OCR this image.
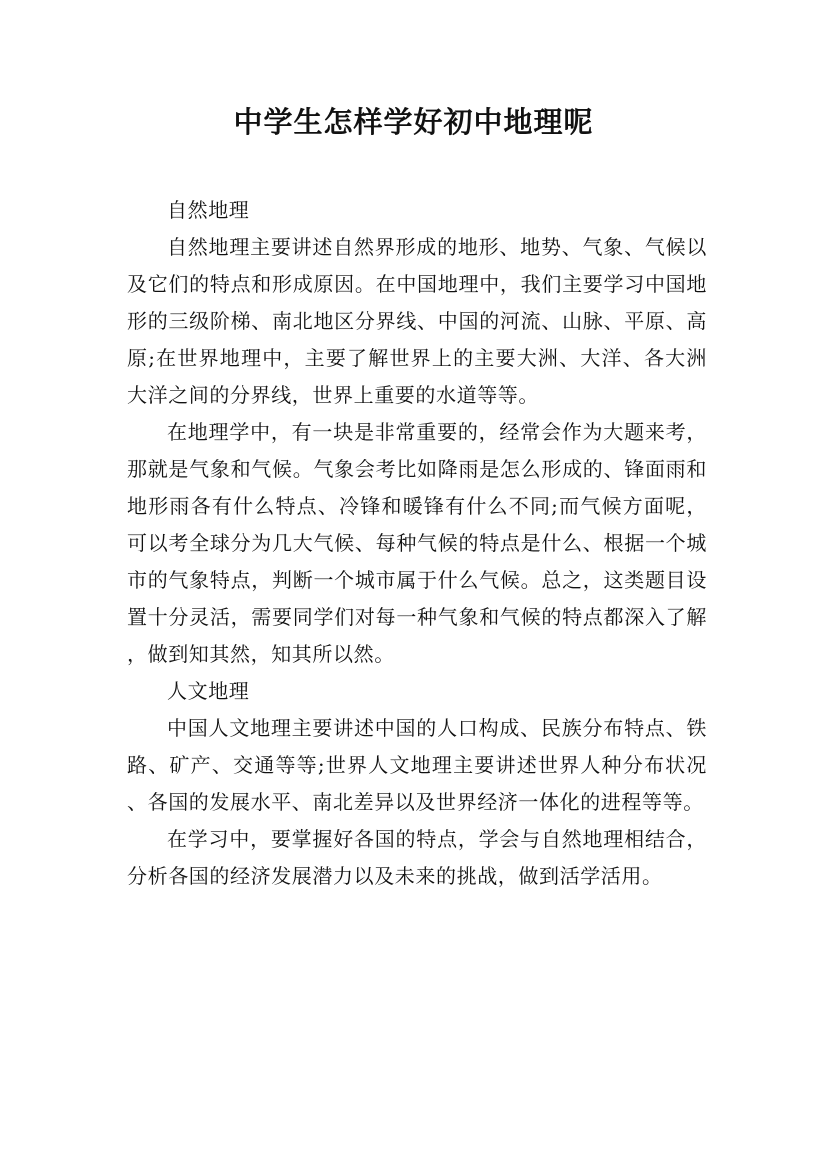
中学生怎样学好初中地理呢

自然地理

自然地理主要讲述自然界形成的地形、地势、气象、气候以及它们的特点和形成原因。在中国地理中，我们主要学习中国地形的三级阶梯、南北地区分界线、中国的河流、山脉、平原、高原;在世界地理中，主要了解世界上的主要大洲、大洋、各大洲大洋之间的分界线，世界上重要的水道等等。

在地理学中，有一块是非常重要的，经常会作为大题来考，那就是气象和气候。气象会考比如降雨是怎么形成的、锋面雨和地形雨各有什么特点、冷锋和暖锋有什么不同;而气候方面呢，可以考全球分为几大气候、每种气候的特点是什么、根据一个城市的气象特点，判断一个城市属于什么气候。总之，这类题目设置十分灵活，需要同学们对每一种气象和气候的特点都深入了解，做到知其然，知其所以然。

人文地理

中国人文地理主要讲述中国的人口构成、民族分布特点、铁路、矿产、交通等等;世界人文地理主要讲述世界人种分布状况、各国的发展水平、南北差异以及世界经济一体化的进程等等。

在学习中，要掌握好各国的特点，学会与自然地理相结合，分析各国的经济发展潜力以及未来的挑战，做到活学活用。
